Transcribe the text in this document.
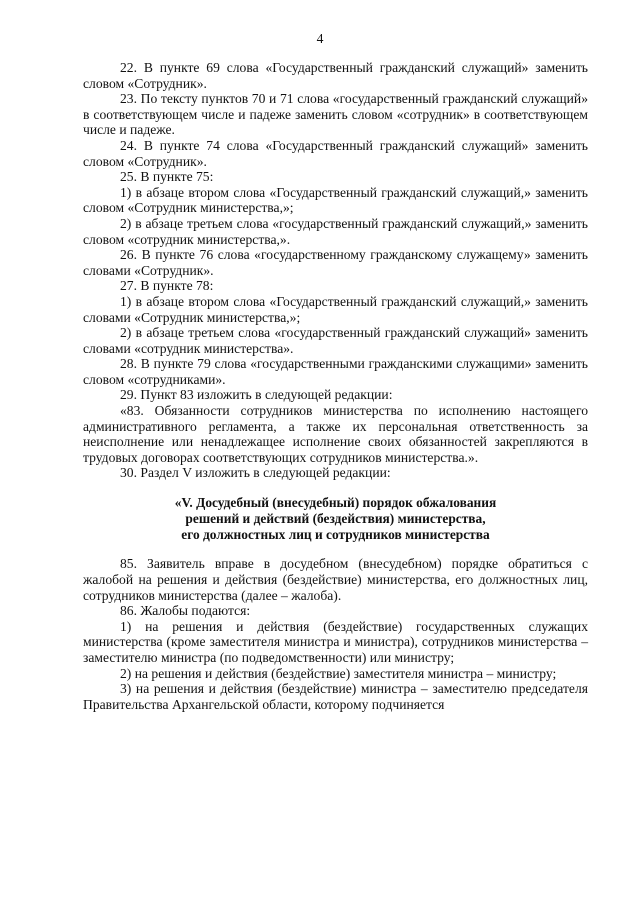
4

22. В пункте 69 слова «Государственный гражданский служащий» заменить словом «Сотрудник».

23. По тексту пунктов 70 и 71 слова «государственный гражданский служащий» в соответствующем числе и падеже заменить словом «сотрудник» в соответствующем числе и падеже.

24. В пункте 74 слова «Государственный гражданский служащий» заменить словом «Сотрудник».

25. В пункте 75:

1) в абзаце втором слова «Государственный гражданский служащий,» заменить словом «Сотрудник министерства,»;

2) в абзаце третьем слова «государственный гражданский служащий,» заменить словом «сотрудник министерства,».

26. В пункте 76 слова «государственному гражданскому служащему» заменить словами «Сотрудник».

27. В пункте 78:

1) в абзаце втором слова «Государственный гражданский служащий,» заменить словами «Сотрудник министерства,»;

2) в абзаце третьем слова «государственный гражданский служащий» заменить словами «сотрудник министерства».

28. В пункте 79 слова «государственными гражданскими служащими» заменить словом «сотрудниками».

29. Пункт 83 изложить в следующей редакции:

«83. Обязанности сотрудников министерства по исполнению настоящего административного регламента, а также их персональная ответственность за неисполнение или ненадлежащее исполнение своих обязанностей закрепляются в трудовых договорах соответствующих сотрудников министерства.».

30. Раздел V изложить в следующей редакции:

«V. Досудебный (внесудебный) порядок обжалования
решений и действий (бездействия) министерства,
его должностных лиц и сотрудников министерства

85. Заявитель вправе в досудебном (внесудебном) порядке обратиться с жалобой на решения и действия (бездействие) министерства, его должностных лиц, сотрудников министерства (далее – жалоба).

86. Жалобы подаются:

1) на решения и действия (бездействие) государственных служащих министерства (кроме заместителя министра и министра), сотрудников министерства – заместителю министра (по подведомственности) или министру;

2) на решения и действия (бездействие) заместителя министра – министру;

3) на решения и действия (бездействие) министра – заместителю председателя Правительства Архангельской области, которому подчиняется
